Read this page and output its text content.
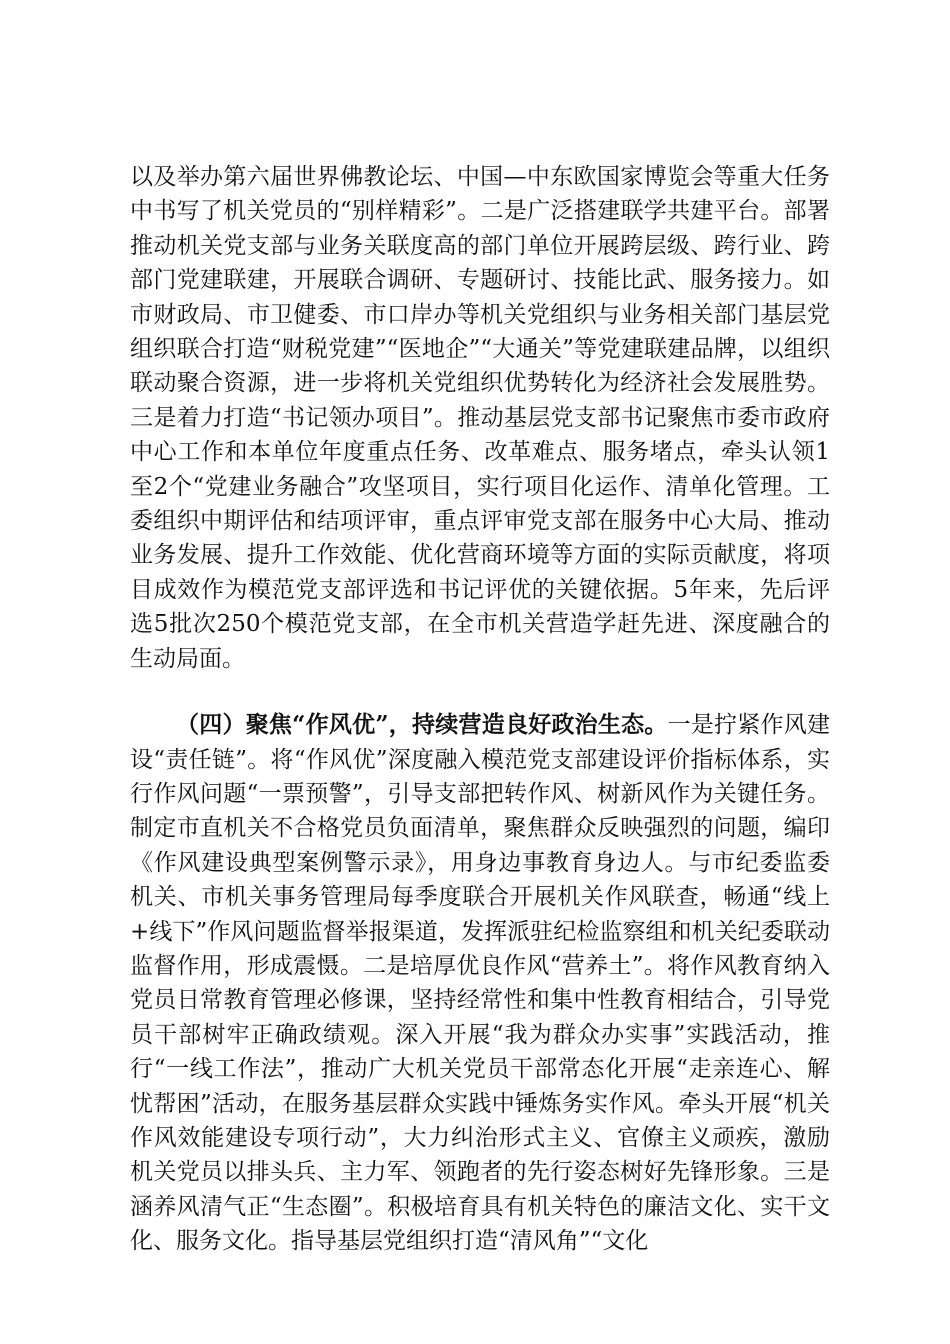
以及举办第六届世界佛教论坛、中国—中东欧国家博览会等重大任务中书写了机关党员的“别样精彩”。二是广泛搭建联学共建平台。部署推动机关党支部与业务关联度高的部门单位开展跨层级、跨行业、跨部门党建联建，开展联合调研、专题研讨、技能比武、服务接力。如市财政局、市卫健委、市口岸办等机关党组织与业务相关部门基层党组织联合打造“财税党建”“医地企”“大通关”等党建联建品牌，以组织联动聚合资源，进一步将机关党组织优势转化为经济社会发展胜势。三是着力打造“书记领办项目”。推动基层党支部书记聚焦市委市政府中心工作和本单位年度重点任务、改革难点、服务堵点，牵头认领1至2个“党建业务融合”攻坚项目，实行项目化运作、清单化管理。工委组织中期评估和结项评审，重点评审党支部在服务中心大局、推动业务发展、提升工作效能、优化营商环境等方面的实际贡献度，将项目成效作为模范党支部评选和书记评优的关键依据。5年来，先后评选5批次250个模范党支部，在全市机关营造学赶先进、深度融合的生动局面。

（四）聚焦“作风优”，持续营造良好政治生态。一是拧紧作风建设“责任链”。将“作风优”深度融入模范党支部建设评价指标体系，实行作风问题“一票预警”，引导支部把转作风、树新风作为关键任务。制定市直机关不合格党员负面清单，聚焦群众反映强烈的问题，编印《作风建设典型案例警示录》，用身边事教育身边人。与市纪委监委机关、市机关事务管理局每季度联合开展机关作风联查，畅通“线上+线下”作风问题监督举报渠道，发挥派驻纪检监察组和机关纪委联动监督作用，形成震慑。二是培厚优良作风“营养土”。将作风教育纳入党员日常教育管理必修课，坚持经常性和集中性教育相结合，引导党员干部树牢正确政绩观。深入开展“我为群众办实事”实践活动，推行“一线工作法”，推动广大机关党员干部常态化开展“走亲连心、解忧帮困”活动，在服务基层群众实践中锤炼务实作风。牵头开展“机关作风效能建设专项行动”，大力纠治形式主义、官僚主义顽疾，激励机关党员以排头兵、主力军、领跑者的先行姿态树好先锋形象。三是涵养风清气正“生态圈”。积极培育具有机关特色的廉洁文化、实干文化、服务文化。指导基层党组织打造“清风角”“文化
